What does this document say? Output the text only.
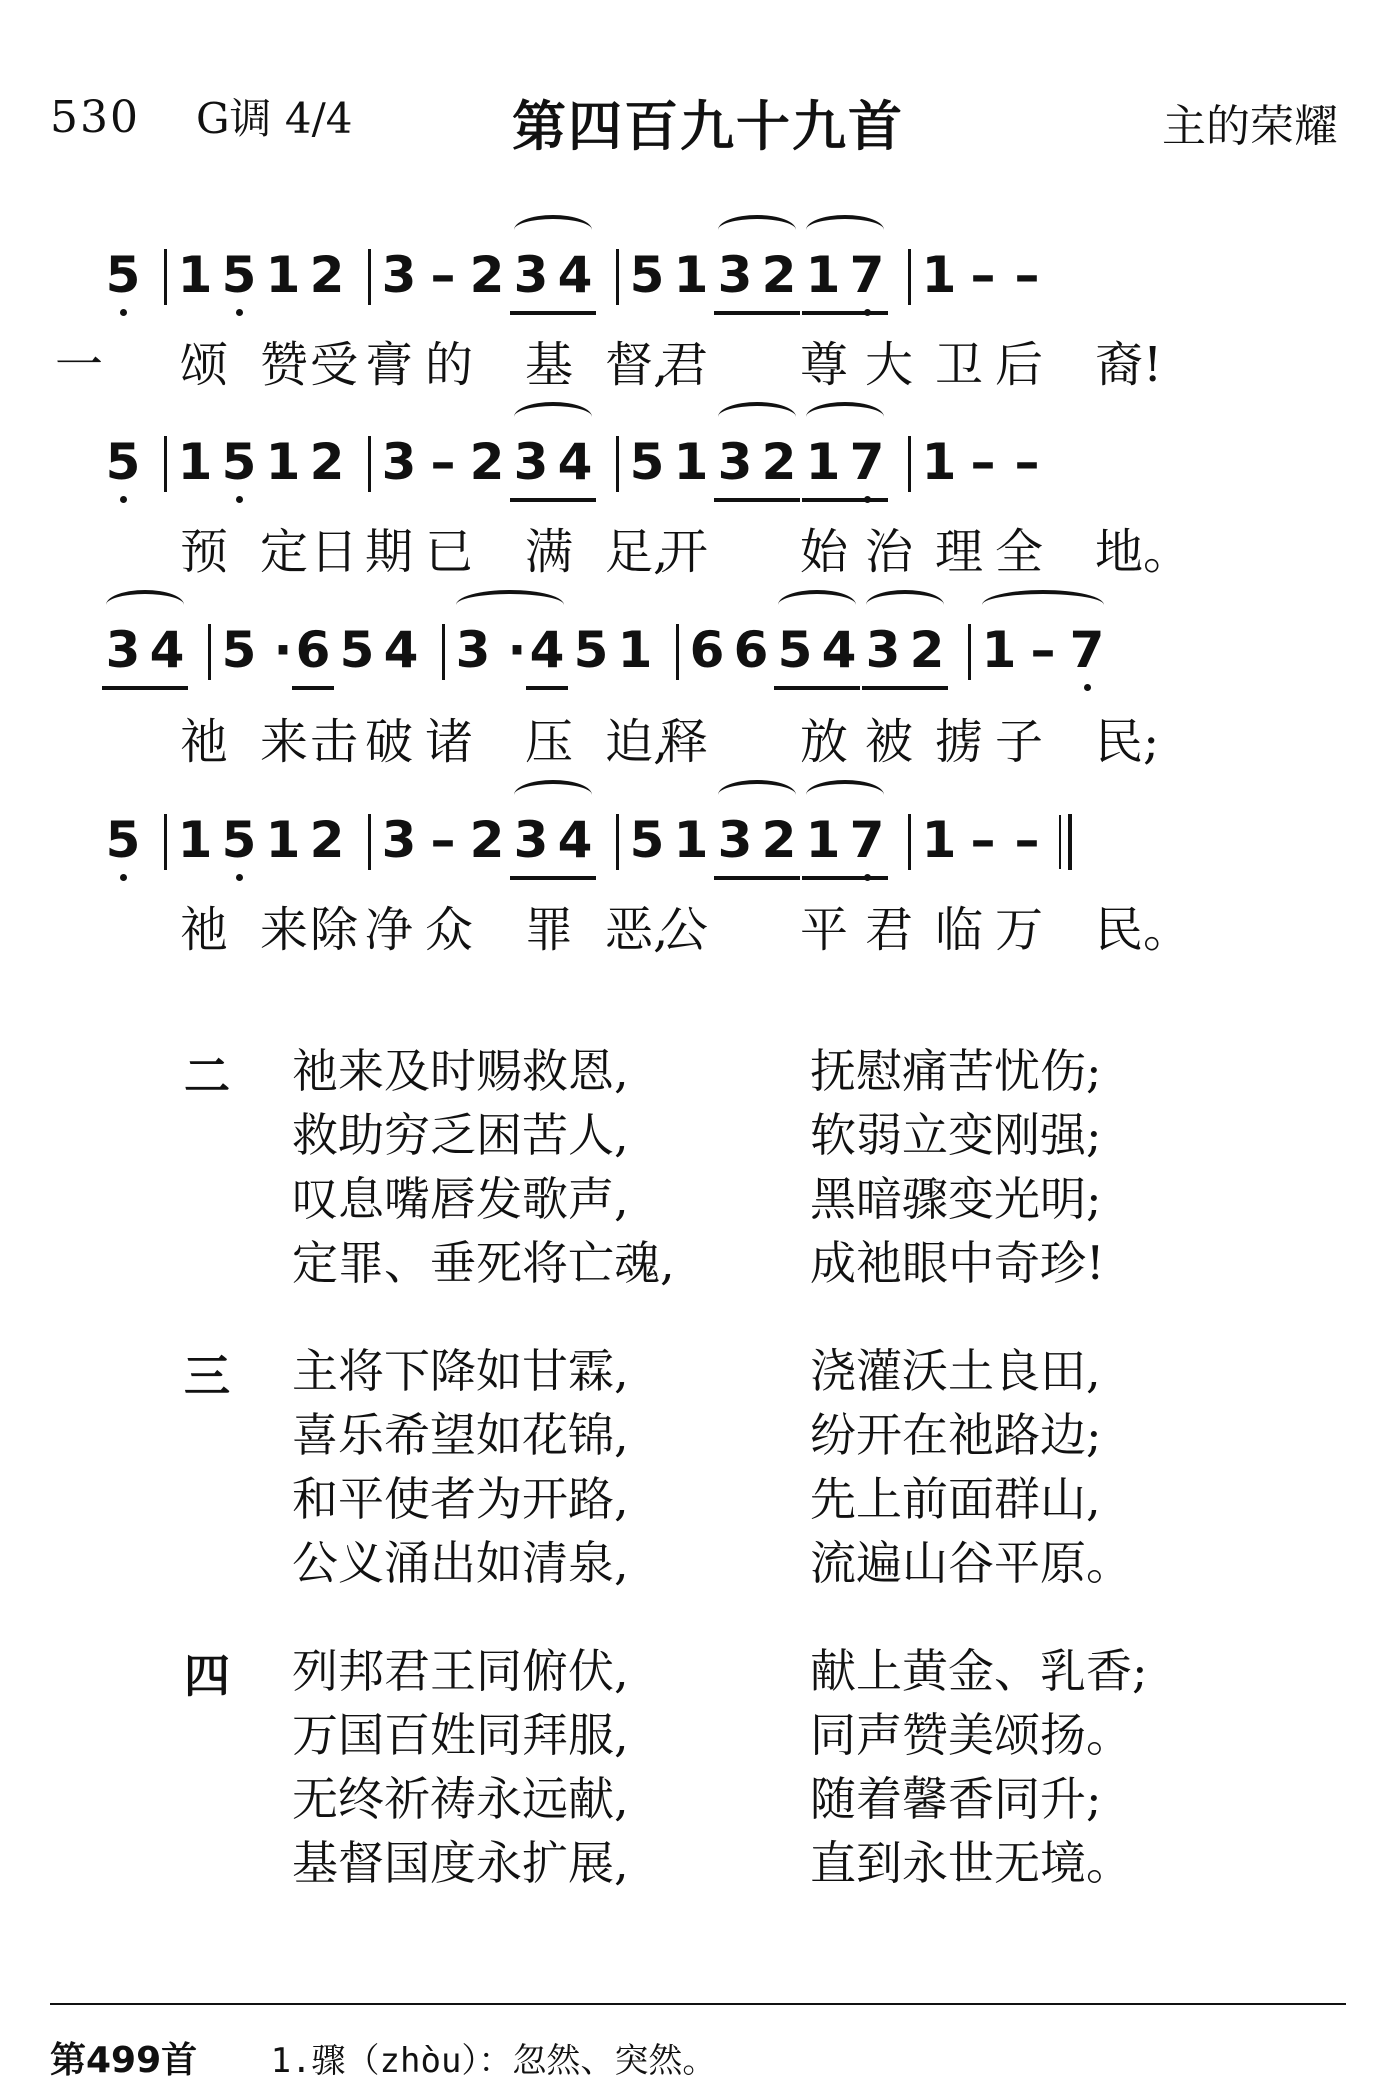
530 G调 4/4	第四百九十九首	主的荣耀
5 1 5 1 2 3 – 2 3 4 5 1 3 2 1 7 1 – –
一 颂 赞 受 膏 的 基 督,
君 尊 大 卫 后 裔!
5 1 5 1 2 3 – 2 3 4 5 1 3 2 1 7 1 – –
预 定 日 期 已 满 足,
开 始 治 理 全 地。
3 4 5 · 6 5 4 3 · 4 5 1 6 6 5 4 3 2 1 – 7
祂 来 击 破 诸 压 迫,
释 放 被 掳 子 民;
5 1 5 1 2 3 – 2 3 4 5 1 3 2 1 7 1 – –
祂 来 除 净 众 罪 恶,
公 平 君 临 万 民。
二 祂来及时赐救恩,	抚慰痛苦忧伤;
救助穷乏困苦人,	软弱立变刚强;
叹息嘴唇发歌声,	黑暗骤变光明;
定罪、垂死将亡魂,	成祂眼中奇珍!
三 主将下降如甘霖,	浇灌沃土良田,
喜乐希望如花锦,	纷开在祂路边;
和平使者为开路,	先上前面群山,
公义涌出如清泉,	流遍山谷平原。
四 列邦君王同俯伏,	献上黄金、乳香;
万国百姓同拜服,	同声赞美颂扬。
无终祈祷永远献,	随着馨香同升;
基督国度永扩展,	直到永世无境。
第499首 1.骤（zhòu）：忽然、突然。
